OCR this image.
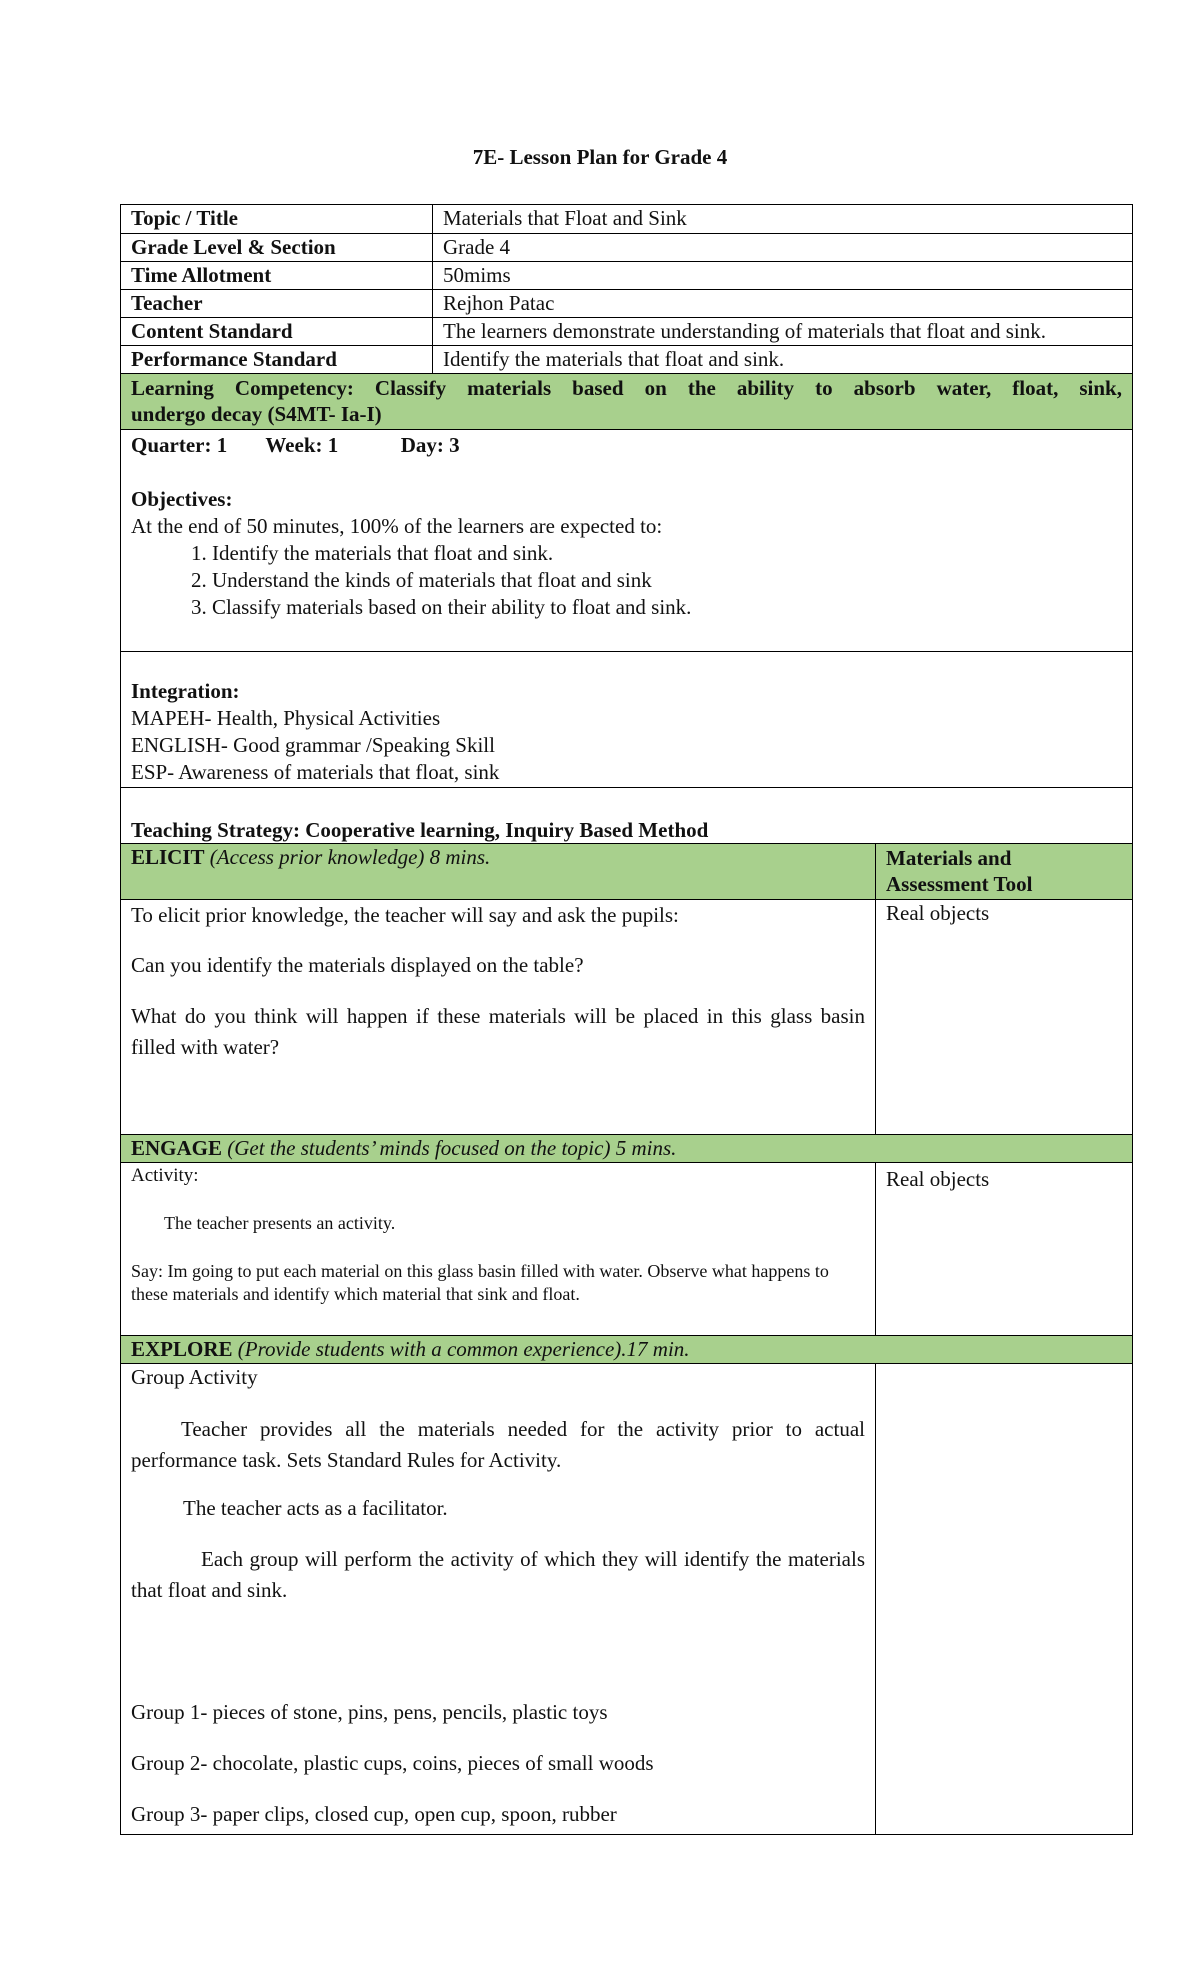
7E- Lesson Plan for Grade 4
Topic / Title	Materials that Float and Sink
Grade Level & Section	Grade 4
Time Allotment	50mims
Teacher	Rejhon Patac
Content Standard	The learners demonstrate understanding of materials that float and sink.
Performance Standard	Identify the materials that float and sink.
Learning Competency: Classify materials based on the ability to absorb water, float, sink,
undergo decay (S4MT- Ia-I)
Quarter: 1 Week: 1	Day: 3
Objectives:
At the end of 50 minutes, 100% of the learners are expected to:
1. Identify the materials that float and sink.
2. Understand the kinds of materials that float and sink
3. Classify materials based on their ability to float and sink.
Integration:
MAPEH- Health, Physical Activities
ENGLISH- Good grammar /Speaking Skill
ESP- Awareness of materials that float, sink
Teaching Strategy: Cooperative learning, Inquiry Based Method
ELICIT (Access prior knowledge) 8 mins.	Materials and
Assessment Tool
To elicit prior knowledge, the teacher will say and ask the pupils:
Can you identify the materials displayed on the table?
What do you think will happen if these materials will be placed in this glass basin filled with water?
Real objects
ENGAGE (Get the students’ minds focused on the topic) 5 mins.
Activity:
The teacher presents an activity.
Say: Im going to put each material on this glass basin filled with water. Observe what happens to these materials and identify which material that sink and float.
Real objects
EXPLORE (Provide students with a common experience).17 min.
Group Activity
Teacher provides all the materials needed for the activity prior to actual performance task. Sets Standard Rules for Activity.
The teacher acts as a facilitator.
Each group will perform the activity of which they will identify the materials that float and sink.
Group 1- pieces of stone, pins, pens, pencils, plastic toys
Group 2- chocolate, plastic cups, coins, pieces of small woods
Group 3- paper clips, closed cup, open cup, spoon, rubber
